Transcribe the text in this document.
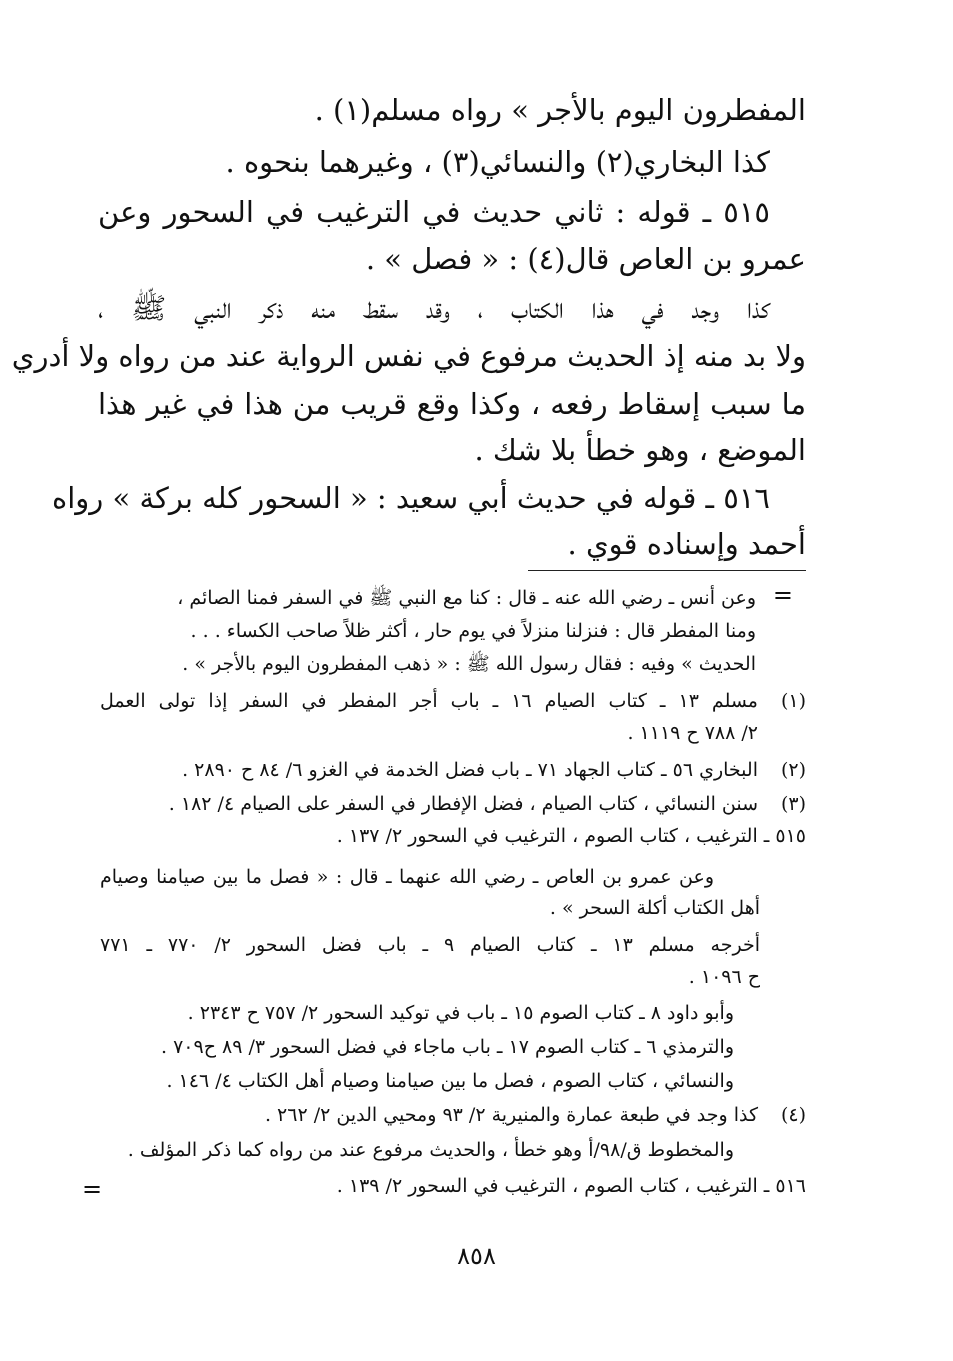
المفطرون اليوم بالأجر » رواه مسلم(١) .
كذا البخاري(٢) والنسائي(٣) ، وغيرهما بنحوه .
٥١٥ ـ قوله : ثاني حديث في الترغيب في السحور وعن
عمرو بن العاص قال(٤) : « فصل » .
كذا وجد في هذا الكتاب ، وقد سقط منه ذكر النبي ﷺ ،
ولا بد منه إذ الحديث مرفوع في نفس الرواية عند من رواه ولا أدري
ما سبب إسقاط رفعه ، وكذا وقع قريب من هذا في غير هذا
الموضع ، وهو خطأ بلا شك .
٥١٦ ـ قوله في حديث أبي سعيد : « السحور كله بركة » رواه
أحمد وإسناده قوي .
=
وعن أنس ـ رضي الله عنه ـ قال : كنا مع النبي ﷺ في السفر فمنا الصائم ،
ومنا المفطر قال : فنزلنا منزلاً في يوم حار ، أكثر ظلاً صاحب الكساء . . .
الحديث » وفيه : فقال رسول الله ﷺ : « ذهب المفطرون اليوم بالأجر » .
(١)
مسلم ١٣ ـ كتاب الصيام ١٦ ـ باب أجر المفطر في السفر إذا تولى العمل
٢/ ٧٨٨ ح ١١١٩ .
(٢)
البخاري ٥٦ ـ كتاب الجهاد ٧١ ـ باب فضل الخدمة في الغزو ٦/ ٨٤ ح ٢٨٩٠ .
(٣)
سنن النسائي ، كتاب الصيام ، فضل الإفطار في السفر على الصيام ٤/ ١٨٢ .
٥١٥ ـ الترغيب ، كتاب الصوم ، الترغيب في السحور ٢/ ١٣٧ .
وعن عمرو بن العاص ـ رضي الله عنهما ـ قال : « فصل ما بين صيامنا وصيام
أهل الكتاب أكلة السحر » .
أخرجه مسلم ١٣ ـ كتاب الصيام ٩ ـ باب فضل السحور ٢/ ٧٧٠ ـ ٧٧١
ح ١٠٩٦ .
وأبو داود ٨ ـ كتاب الصوم ١٥ ـ باب في توكيد السحور ٢/ ٧٥٧ ح ٢٣٤٣ .
والترمذي ٦ ـ كتاب الصوم ١٧ ـ باب ماجاء في فضل السحور ٣/ ٨٩ ح٧٠٩ .
والنسائي ، كتاب الصوم ، فصل ما بين صيامنا وصيام أهل الكتاب ٤/ ١٤٦ .
(٤)
كذا وجد في طبعة عمارة والمنيرية ٢/ ٩٣ ومحيي الدين ٢/ ٢٦٢ .
والمخطوط ق/٩٨/أ وهو خطأ ، والحديث مرفوع عند من رواه كما ذكر المؤلف .
٥١٦ ـ الترغيب ، كتاب الصوم ، الترغيب في السحور ٢/ ١٣٩ .
=
٨٥٨
